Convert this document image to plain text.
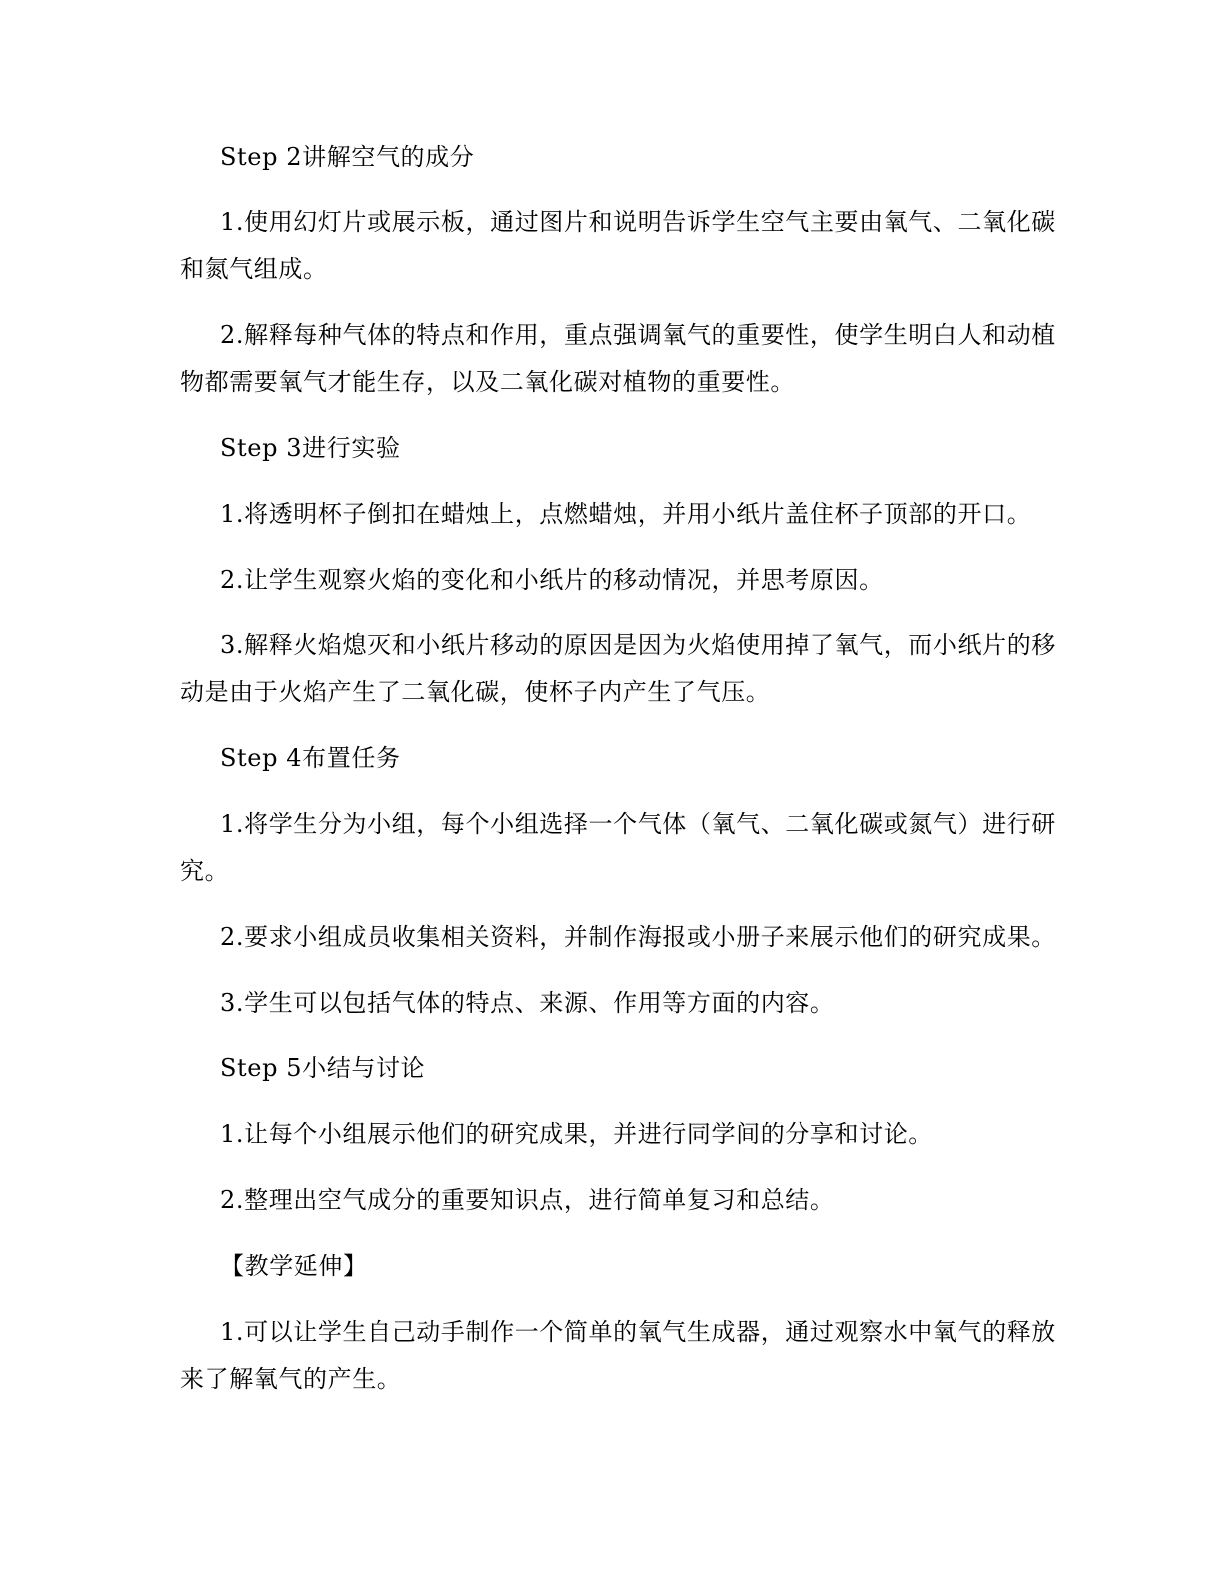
Step 2讲解空气的成分
1.使用幻灯片或展示板，通过图片和说明告诉学生空气主要由氧气、二氧化碳
和氮气组成。
2.解释每种气体的特点和作用，重点强调氧气的重要性，使学生明白人和动植
物都需要氧气才能生存，以及二氧化碳对植物的重要性。
Step 3进行实验
1.将透明杯子倒扣在蜡烛上，点燃蜡烛，并用小纸片盖住杯子顶部的开口。
2.让学生观察火焰的变化和小纸片的移动情况，并思考原因。
3.解释火焰熄灭和小纸片移动的原因是因为火焰使用掉了氧气，而小纸片的移
动是由于火焰产生了二氧化碳，使杯子内产生了气压。
Step 4布置任务
1.将学生分为小组，每个小组选择一个气体（氧气、二氧化碳或氮气）进行研
究。
2.要求小组成员收集相关资料，并制作海报或小册子来展示他们的研究成果。
3.学生可以包括气体的特点、来源、作用等方面的内容。
Step 5小结与讨论
1.让每个小组展示他们的研究成果，并进行同学间的分享和讨论。
2.整理出空气成分的重要知识点，进行简单复习和总结。
【教学延伸】
1.可以让学生自己动手制作一个简单的氧气生成器，通过观察水中氧气的释放
来了解氧气的产生。
